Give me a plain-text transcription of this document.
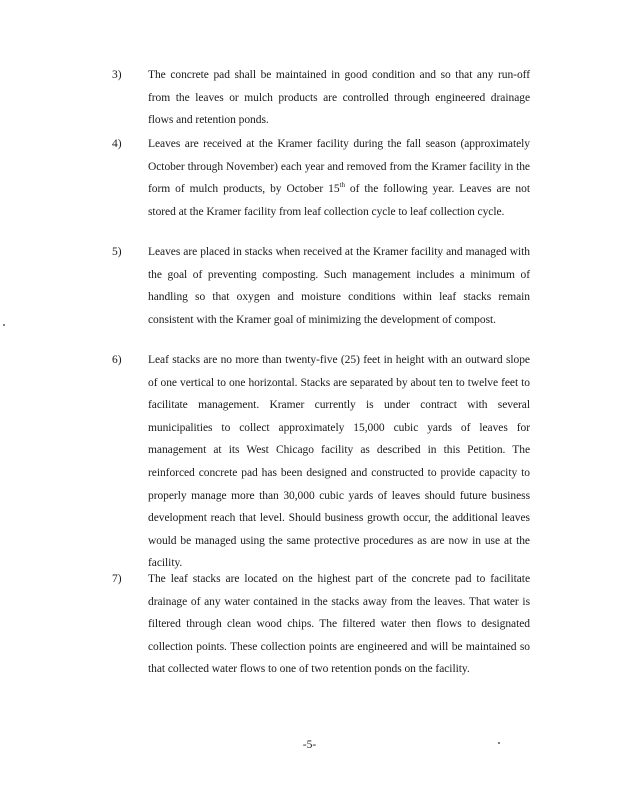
3) The concrete pad shall be maintained in good condition and so that any run-off from the leaves or mulch products are controlled through engineered drainage flows and retention ponds.
4) Leaves are received at the Kramer facility during the fall season (approximately October through November) each year and removed from the Kramer facility in the form of mulch products, by October 15th of the following year. Leaves are not stored at the Kramer facility from leaf collection cycle to leaf collection cycle.
5) Leaves are placed in stacks when received at the Kramer facility and managed with the goal of preventing composting. Such management includes a minimum of handling so that oxygen and moisture conditions within leaf stacks remain consistent with the Kramer goal of minimizing the development of compost.
6) Leaf stacks are no more than twenty-five (25) feet in height with an outward slope of one vertical to one horizontal. Stacks are separated by about ten to twelve feet to facilitate management. Kramer currently is under contract with several municipalities to collect approximately 15,000 cubic yards of leaves for management at its West Chicago facility as described in this Petition. The reinforced concrete pad has been designed and constructed to provide capacity to properly manage more than 30,000 cubic yards of leaves should future business development reach that level. Should business growth occur, the additional leaves would be managed using the same protective procedures as are now in use at the facility.
7) The leaf stacks are located on the highest part of the concrete pad to facilitate drainage of any water contained in the stacks away from the leaves. That water is filtered through clean wood chips. The filtered water then flows to designated collection points. These collection points are engineered and will be maintained so that collected water flows to one of two retention ponds on the facility.
-5-
